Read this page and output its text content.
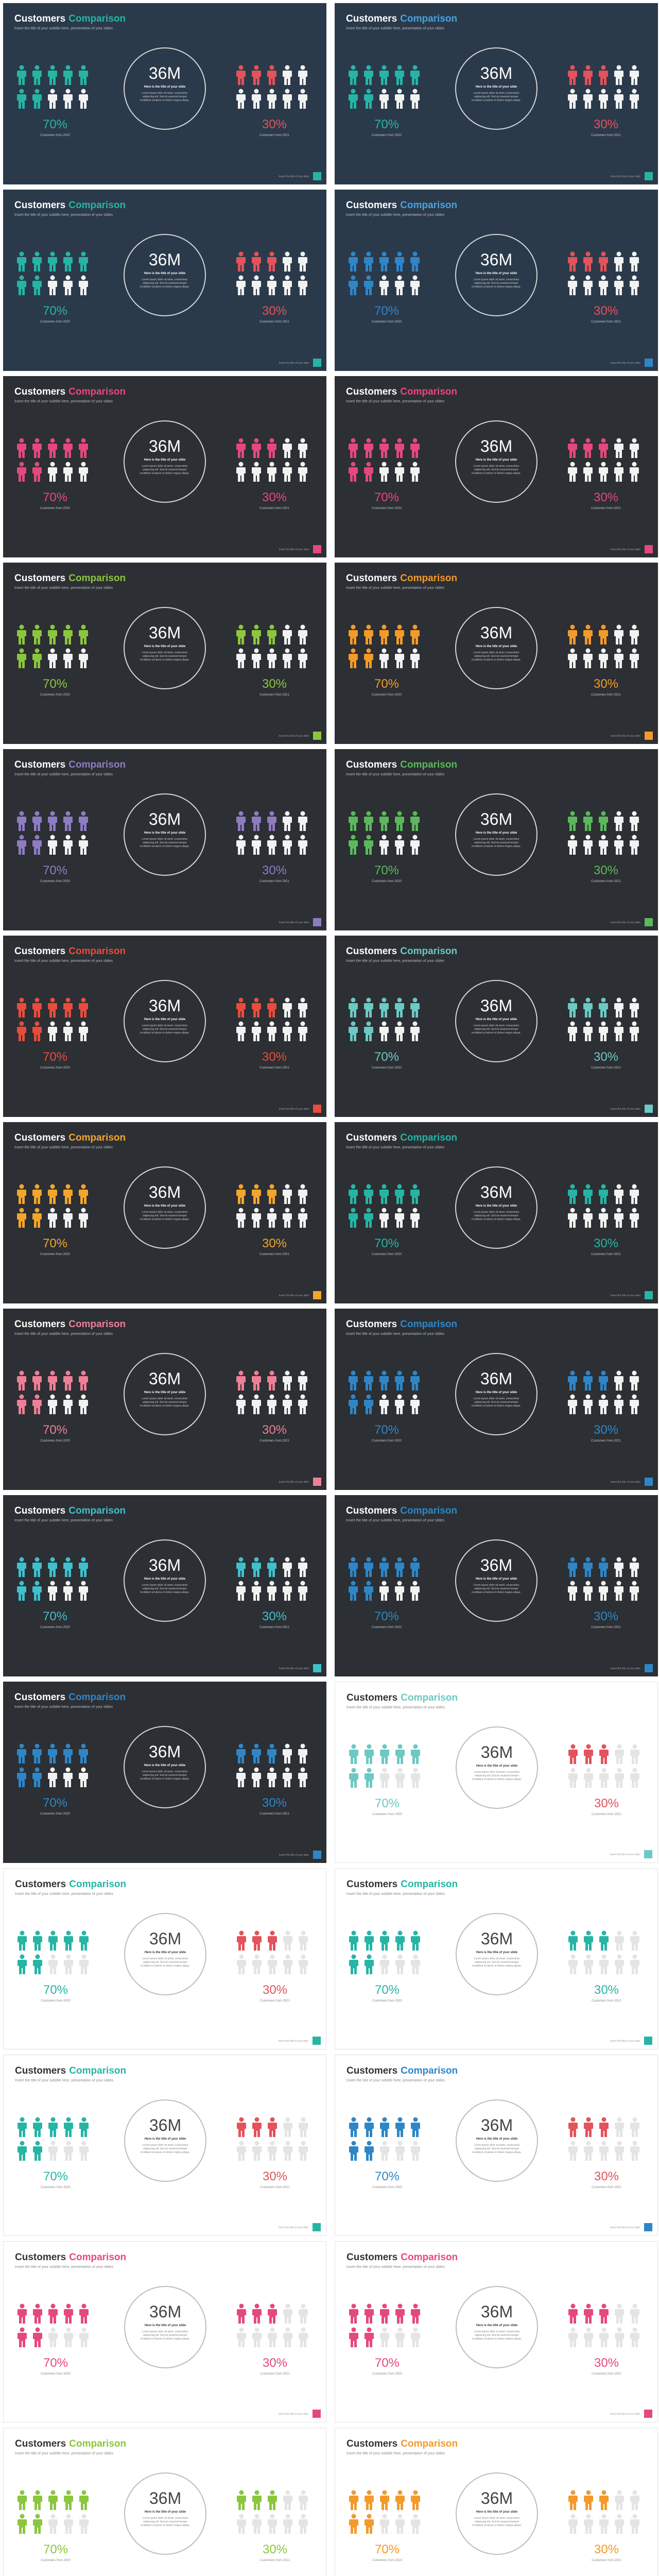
Customers Comparison
Insert the title of your subtitle here, presentation of your slides
36M
Here is the title of your slide
Lorem ipsum dolor sit amet, consectetur adipiscing elit. Sed do eiusmod tempor incididunt ut labore et dolore magna aliqua.
70%	30%
Customers from 2020	Customers from 2021
Insert the title of your slide
Customers Comparison
Insert the title of your subtitle here, presentation of your slides
36M
Here is the title of your slide
Lorem ipsum dolor sit amet, consectetur adipiscing elit. Sed do eiusmod tempor incididunt ut labore et dolore magna aliqua.
70%	30%
Customers from 2020	Customers from 2021
Insert the title of your slide
Customers Comparison
Insert the title of your subtitle here, presentation of your slides
36M
Here is the title of your slide
Lorem ipsum dolor sit amet, consectetur adipiscing elit. Sed do eiusmod tempor incididunt ut labore et dolore magna aliqua.
70%	30%
Customers from 2020	Customers from 2021
Insert the title of your slide
Customers Comparison
Insert the title of your subtitle here, presentation of your slides
36M
Here is the title of your slide
Lorem ipsum dolor sit amet, consectetur adipiscing elit. Sed do eiusmod tempor incididunt ut labore et dolore magna aliqua.
70%	30%
Customers from 2020	Customers from 2021
Insert the title of your slide
Customers Comparison
Insert the title of your subtitle here, presentation of your slides
36M
Here is the title of your slide
Lorem ipsum dolor sit amet, consectetur adipiscing elit. Sed do eiusmod tempor incididunt ut labore et dolore magna aliqua.
70%	30%
Customers from 2020	Customers from 2021
Insert the title of your slide
Customers Comparison
Insert the title of your subtitle here, presentation of your slides
36M
Here is the title of your slide
Lorem ipsum dolor sit amet, consectetur adipiscing elit. Sed do eiusmod tempor incididunt ut labore et dolore magna aliqua.
70%	30%
Customers from 2020	Customers from 2021
Insert the title of your slide
Customers Comparison
Insert the title of your subtitle here, presentation of your slides
36M
Here is the title of your slide
Lorem ipsum dolor sit amet, consectetur adipiscing elit. Sed do eiusmod tempor incididunt ut labore et dolore magna aliqua.
70%	30%
Customers from 2020	Customers from 2021
Insert the title of your slide
Customers Comparison
Insert the title of your subtitle here, presentation of your slides
36M
Here is the title of your slide
Lorem ipsum dolor sit amet, consectetur adipiscing elit. Sed do eiusmod tempor incididunt ut labore et dolore magna aliqua.
70%	30%
Customers from 2020	Customers from 2021
Insert the title of your slide
Customers Comparison
Insert the title of your subtitle here, presentation of your slides
36M
Here is the title of your slide
Lorem ipsum dolor sit amet, consectetur adipiscing elit. Sed do eiusmod tempor incididunt ut labore et dolore magna aliqua.
70%	30%
Customers from 2020	Customers from 2021
Insert the title of your slide
Customers Comparison
Insert the title of your subtitle here, presentation of your slides
36M
Here is the title of your slide
Lorem ipsum dolor sit amet, consectetur adipiscing elit. Sed do eiusmod tempor incididunt ut labore et dolore magna aliqua.
70%	30%
Customers from 2020	Customers from 2021
Insert the title of your slide
Customers Comparison
Insert the title of your subtitle here, presentation of your slides
36M
Here is the title of your slide
Lorem ipsum dolor sit amet, consectetur adipiscing elit. Sed do eiusmod tempor incididunt ut labore et dolore magna aliqua.
70%	30%
Customers from 2020	Customers from 2021
Insert the title of your slide
Customers Comparison
Insert the title of your subtitle here, presentation of your slides
36M
Here is the title of your slide
Lorem ipsum dolor sit amet, consectetur adipiscing elit. Sed do eiusmod tempor incididunt ut labore et dolore magna aliqua.
70%	30%
Customers from 2020	Customers from 2021
Insert the title of your slide
Customers Comparison
Insert the title of your subtitle here, presentation of your slides
36M
Here is the title of your slide
Lorem ipsum dolor sit amet, consectetur adipiscing elit. Sed do eiusmod tempor incididunt ut labore et dolore magna aliqua.
70%	30%
Customers from 2020	Customers from 2021
Insert the title of your slide
Customers Comparison
Insert the title of your subtitle here, presentation of your slides
36M
Here is the title of your slide
Lorem ipsum dolor sit amet, consectetur adipiscing elit. Sed do eiusmod tempor incididunt ut labore et dolore magna aliqua.
70%	30%
Customers from 2020	Customers from 2021
Insert the title of your slide
Customers Comparison
Insert the title of your subtitle here, presentation of your slides
36M
Here is the title of your slide
Lorem ipsum dolor sit amet, consectetur adipiscing elit. Sed do eiusmod tempor incididunt ut labore et dolore magna aliqua.
70%	30%
Customers from 2020	Customers from 2021
Insert the title of your slide
Customers Comparison
Insert the title of your subtitle here, presentation of your slides
36M
Here is the title of your slide
Lorem ipsum dolor sit amet, consectetur adipiscing elit. Sed do eiusmod tempor incididunt ut labore et dolore magna aliqua.
70%	30%
Customers from 2020	Customers from 2021
Insert the title of your slide
Customers Comparison
Insert the title of your subtitle here, presentation of your slides
36M
Here is the title of your slide
Lorem ipsum dolor sit amet, consectetur adipiscing elit. Sed do eiusmod tempor incididunt ut labore et dolore magna aliqua.
70%	30%
Customers from 2020	Customers from 2021
Insert the title of your slide
Customers Comparison
Insert the title of your subtitle here, presentation of your slides
36M
Here is the title of your slide
Lorem ipsum dolor sit amet, consectetur adipiscing elit. Sed do eiusmod tempor incididunt ut labore et dolore magna aliqua.
70%	30%
Customers from 2020	Customers from 2021
Insert the title of your slide
Customers Comparison
Insert the title of your subtitle here, presentation of your slides
36M
Here is the title of your slide
Lorem ipsum dolor sit amet, consectetur adipiscing elit. Sed do eiusmod tempor incididunt ut labore et dolore magna aliqua.
70%	30%
Customers from 2020	Customers from 2021
Insert the title of your slide
Customers Comparison
Insert the title of your subtitle here, presentation of your slides
36M
Here is the title of your slide
Lorem ipsum dolor sit amet, consectetur adipiscing elit. Sed do eiusmod tempor incididunt ut labore et dolore magna aliqua.
70%	30%
Customers from 2020	Customers from 2021
Insert the title of your slide
Customers Comparison
Insert the title of your subtitle here, presentation of your slides
36M
Here is the title of your slide
Lorem ipsum dolor sit amet, consectetur adipiscing elit. Sed do eiusmod tempor incididunt ut labore et dolore magna aliqua.
70%	30%
Customers from 2020	Customers from 2021
Insert the title of your slide
Customers Comparison
Insert the title of your subtitle here, presentation of your slides
36M
Here is the title of your slide
Lorem ipsum dolor sit amet, consectetur adipiscing elit. Sed do eiusmod tempor incididunt ut labore et dolore magna aliqua.
70%	30%
Customers from 2020	Customers from 2021
Insert the title of your slide
Customers Comparison
Insert the title of your subtitle here, presentation of your slides
36M
Here is the title of your slide
Lorem ipsum dolor sit amet, consectetur adipiscing elit. Sed do eiusmod tempor incididunt ut labore et dolore magna aliqua.
70%	30%
Customers from 2020	Customers from 2021
Insert the title of your slide
Customers Comparison
Insert the title of your subtitle here, presentation of your slides
36M
Here is the title of your slide
Lorem ipsum dolor sit amet, consectetur adipiscing elit. Sed do eiusmod tempor incididunt ut labore et dolore magna aliqua.
70%	30%
Customers from 2020	Customers from 2021
Insert the title of your slide
Customers Comparison
Insert the title of your subtitle here, presentation of your slides
36M
Here is the title of your slide
Lorem ipsum dolor sit amet, consectetur adipiscing elit. Sed do eiusmod tempor incididunt ut labore et dolore magna aliqua.
70%	30%
Customers from 2020	Customers from 2021
Insert the title of your slide
Customers Comparison
Insert the title of your subtitle here, presentation of your slides
36M
Here is the title of your slide
Lorem ipsum dolor sit amet, consectetur adipiscing elit. Sed do eiusmod tempor incididunt ut labore et dolore magna aliqua.
70%	30%
Customers from 2020	Customers from 2021
Insert the title of your slide
Customers Comparison
Insert the title of your subtitle here, presentation of your slides
36M
Here is the title of your slide
Lorem ipsum dolor sit amet, consectetur adipiscing elit. Sed do eiusmod tempor incididunt ut labore et dolore magna aliqua.
70%	30%
Customers from 2020	Customers from 2021
Customers Comparison
Insert the title of your subtitle here, presentation of your slides
36M
Here is the title of your slide
Lorem ipsum dolor sit amet, consectetur adipiscing elit. Sed do eiusmod tempor incididunt ut labore et dolore magna aliqua.
70%	30%
Customers from 2020	Customers from 2021
